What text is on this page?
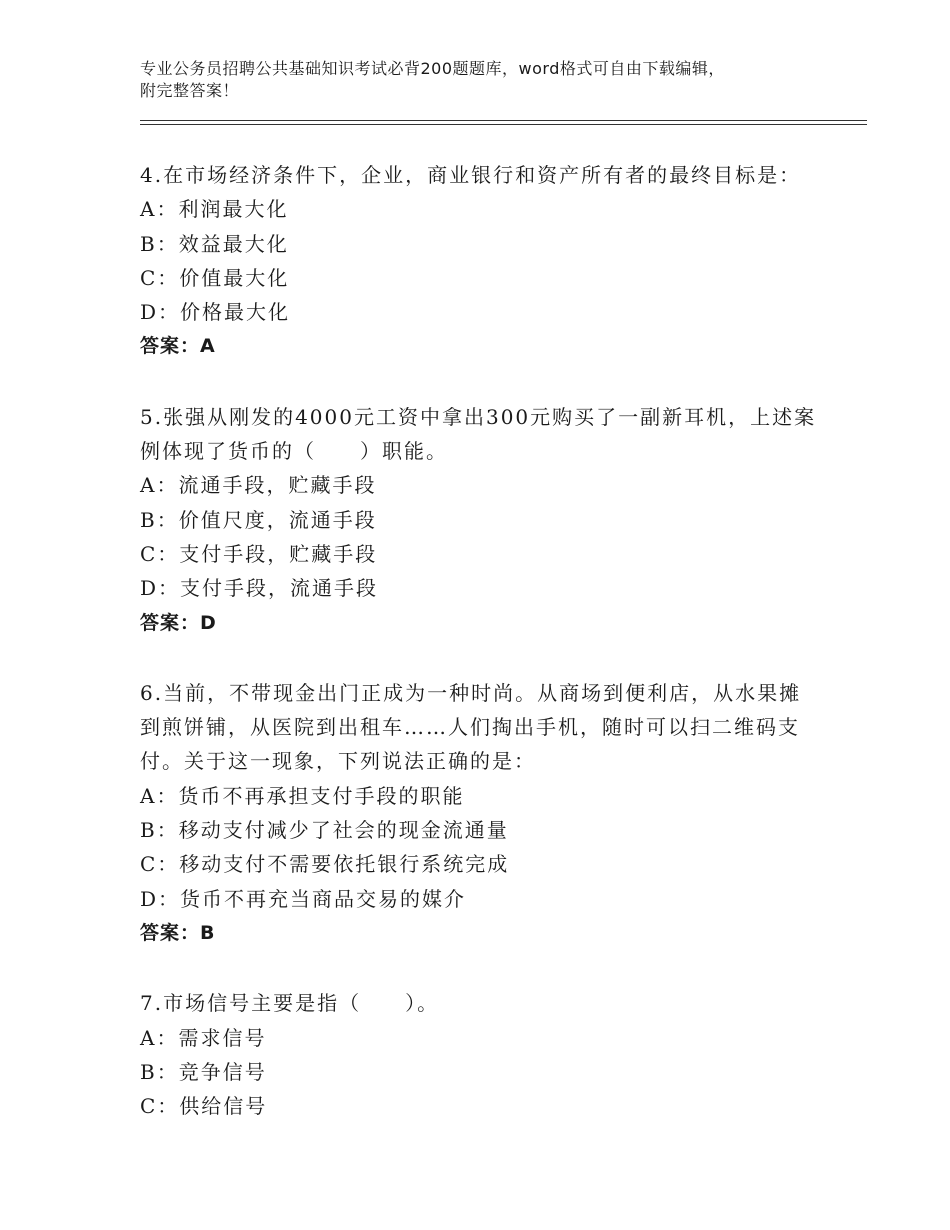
专业公务员招聘公共基础知识考试必背200题题库，word格式可自由下载编辑，
附完整答案！
4.在市场经济条件下，企业，商业银行和资产所有者的最终目标是：
A：利润最大化
B：效益最大化
C：价值最大化
D：价格最大化
答案：A
5.张强从刚发的4000元工资中拿出300元购买了一副新耳机，上述案
例体现了货币的（　　）职能。
A：流通手段，贮藏手段
B：价值尺度，流通手段
C：支付手段，贮藏手段
D：支付手段，流通手段
答案：D
6.当前，不带现金出门正成为一种时尚。从商场到便利店，从水果摊
到煎饼铺，从医院到出租车……人们掏出手机，随时可以扫二维码支
付。关于这一现象，下列说法正确的是：
A：货币不再承担支付手段的职能
B：移动支付减少了社会的现金流通量
C：移动支付不需要依托银行系统完成
D：货币不再充当商品交易的媒介
答案：B
7.市场信号主要是指（　　）。
A：需求信号
B：竞争信号
C：供给信号
